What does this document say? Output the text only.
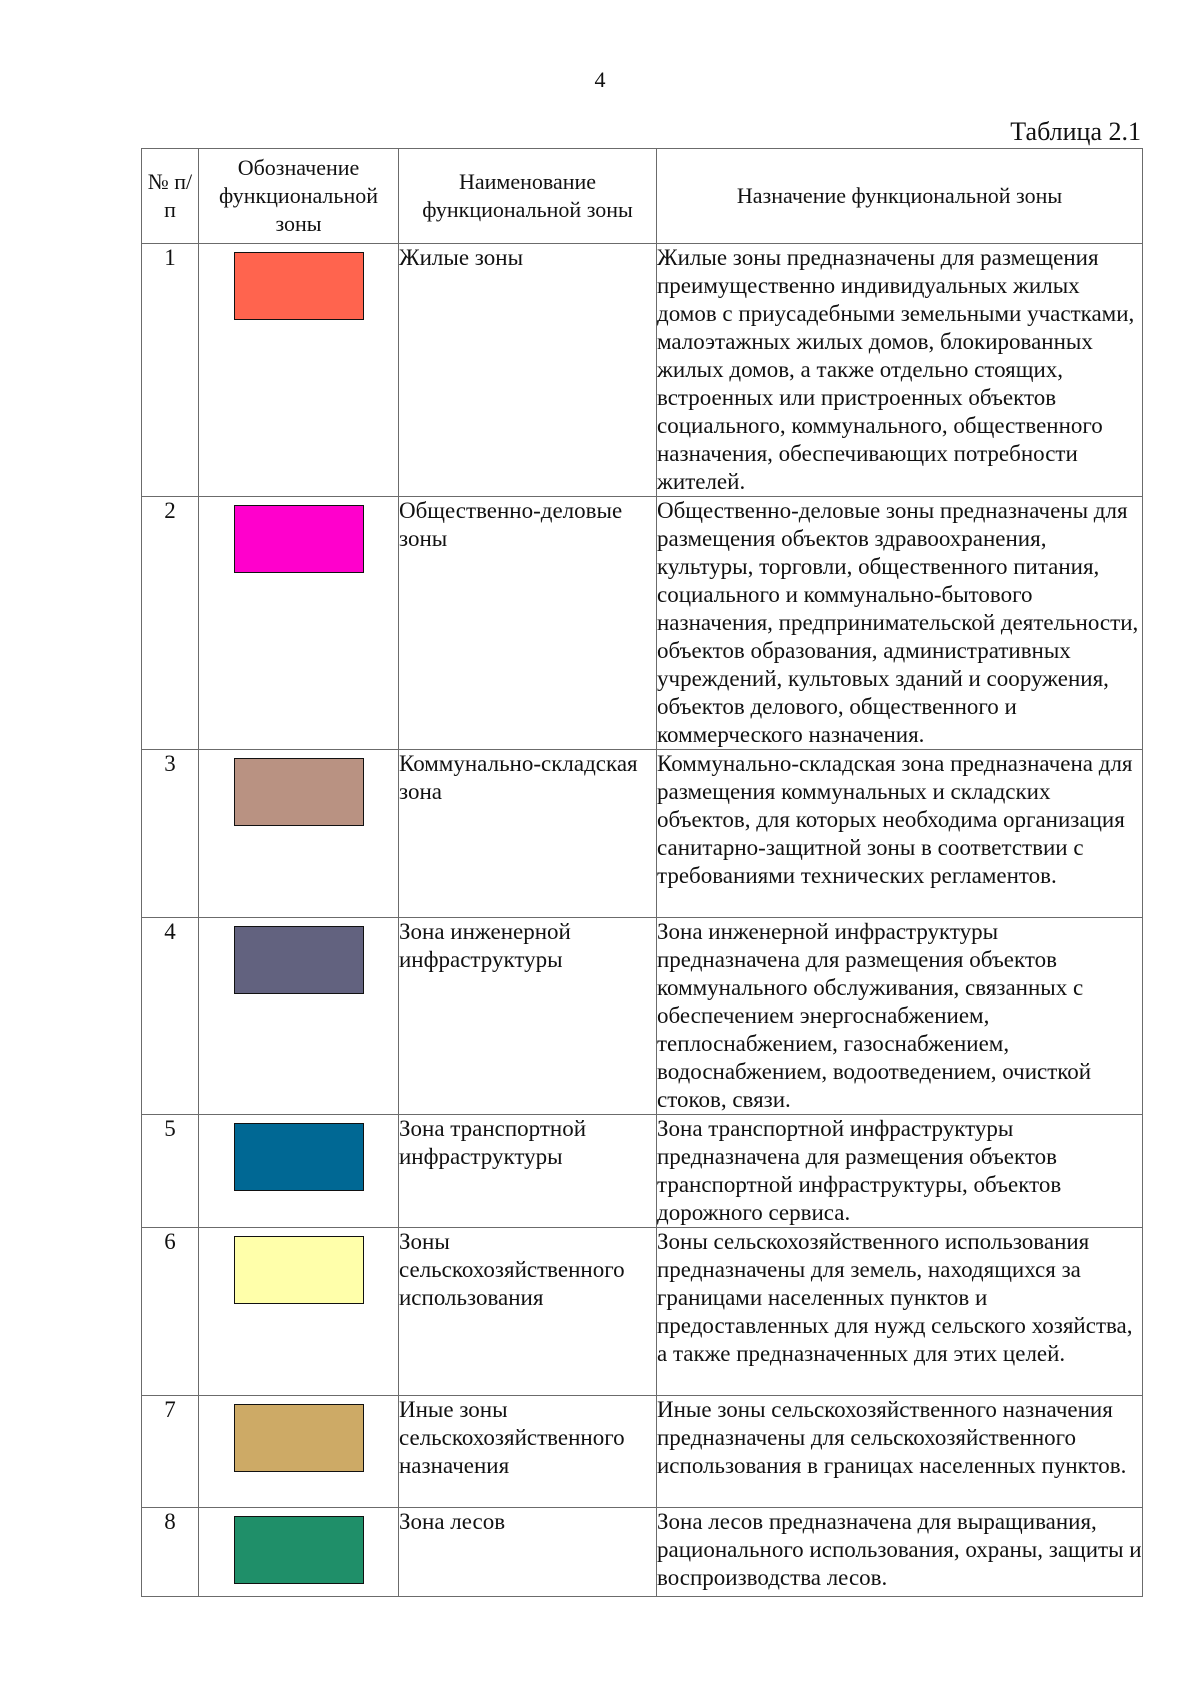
4
Таблица 2.1
№ п/п	Обозначение функциональной зоны	Наименование функциональной зоны	Назначение функциональной зоны
1		Жилые зоны	Жилые зоны предназначены для размещения преимущественно индивидуальных жилых домов с приусадебными земельными участками, малоэтажных жилых домов, блокированных жилых домов, а также отдельно стоящих, встроенных или пристроенных объектов социального, коммунального, общественного назначения, обеспечивающих потребности жителей.
2		Общественно-деловые зоны	Общественно-деловые зоны предназначены для размещения объектов здравоохранения, культуры, торговли, общественного питания, социального и коммунально-бытового назначения, предпринимательской деятельности, объектов образования, административных учреждений, культовых зданий и сооружения, объектов делового, общественного и коммерческого назначения.
3		Коммунально-складская зона	Коммунально-складская зона предназначена для размещения коммунальных и складских объектов, для которых необходима организация санитарно-защитной зоны в соответствии с требованиями технических регламентов.
4		Зона инженерной инфраструктуры	Зона инженерной инфраструктуры предназначена для размещения объектов коммунального обслуживания, связанных с обеспечением энергоснабжением, теплоснабжением, газоснабжением, водоснабжением, водоотведением, очисткой стоков, связи.
5		Зона транспортной инфраструктуры	Зона транспортной инфраструктуры предназначена для размещения объектов транспортной инфраструктуры, объектов дорожного сервиса.
6		Зоны сельскохозяйственного использования	Зоны сельскохозяйственного использования предназначены для земель, находящихся за границами населенных пунктов и предоставленных для нужд сельского хозяйства, а также предназначенных для этих целей.
7		Иные зоны сельскохозяйственного назначения	Иные зоны сельскохозяйственного назначения предназначены для сельскохозяйственного использования в границах населенных пунктов.
8		Зона лесов	Зона лесов предназначена для выращивания, рационального использования, охраны, защиты и воспроизводства лесов.
